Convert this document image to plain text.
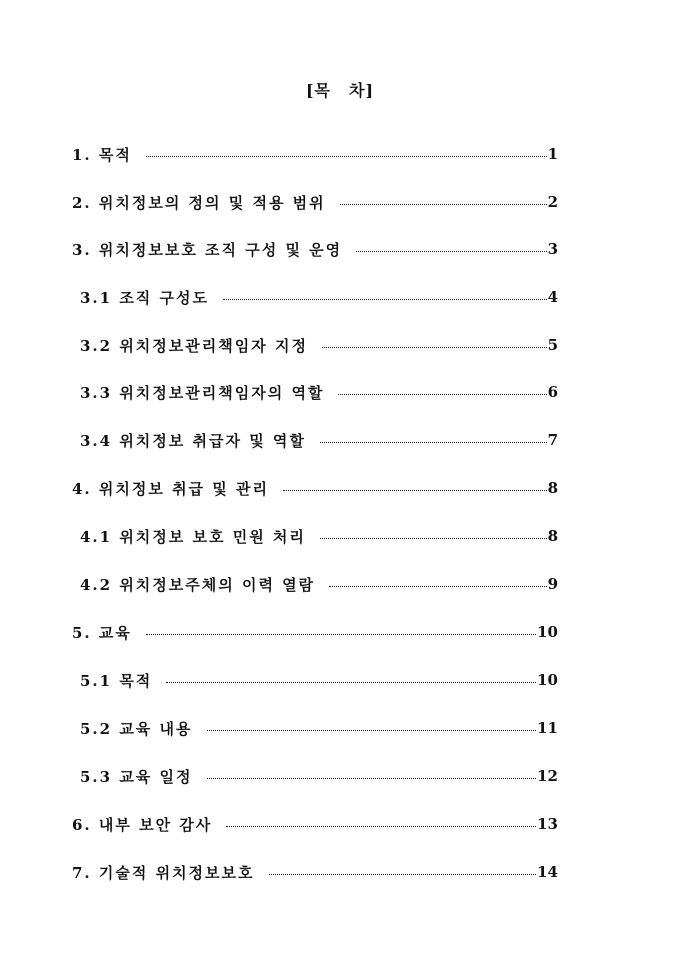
[목 차]
1. 목적	1
2. 위치정보의 정의 및 적용 범위	2
3. 위치정보보호 조직 구성 및 운영	3
3.1 조직 구성도	4
3.2 위치정보관리책임자 지정	5
3.3 위치정보관리책임자의 역할	6
3.4 위치정보 취급자 및 역할	7
4. 위치정보 취급 및 관리	8
4.1 위치정보 보호 민원 처리	8
4.2 위치정보주체의 이력 열람	9
5. 교육	10
5.1 목적	10
5.2 교육 내용	11
5.3 교육 일정	12
6. 내부 보안 감사	13
7. 기술적 위치정보보호	14
